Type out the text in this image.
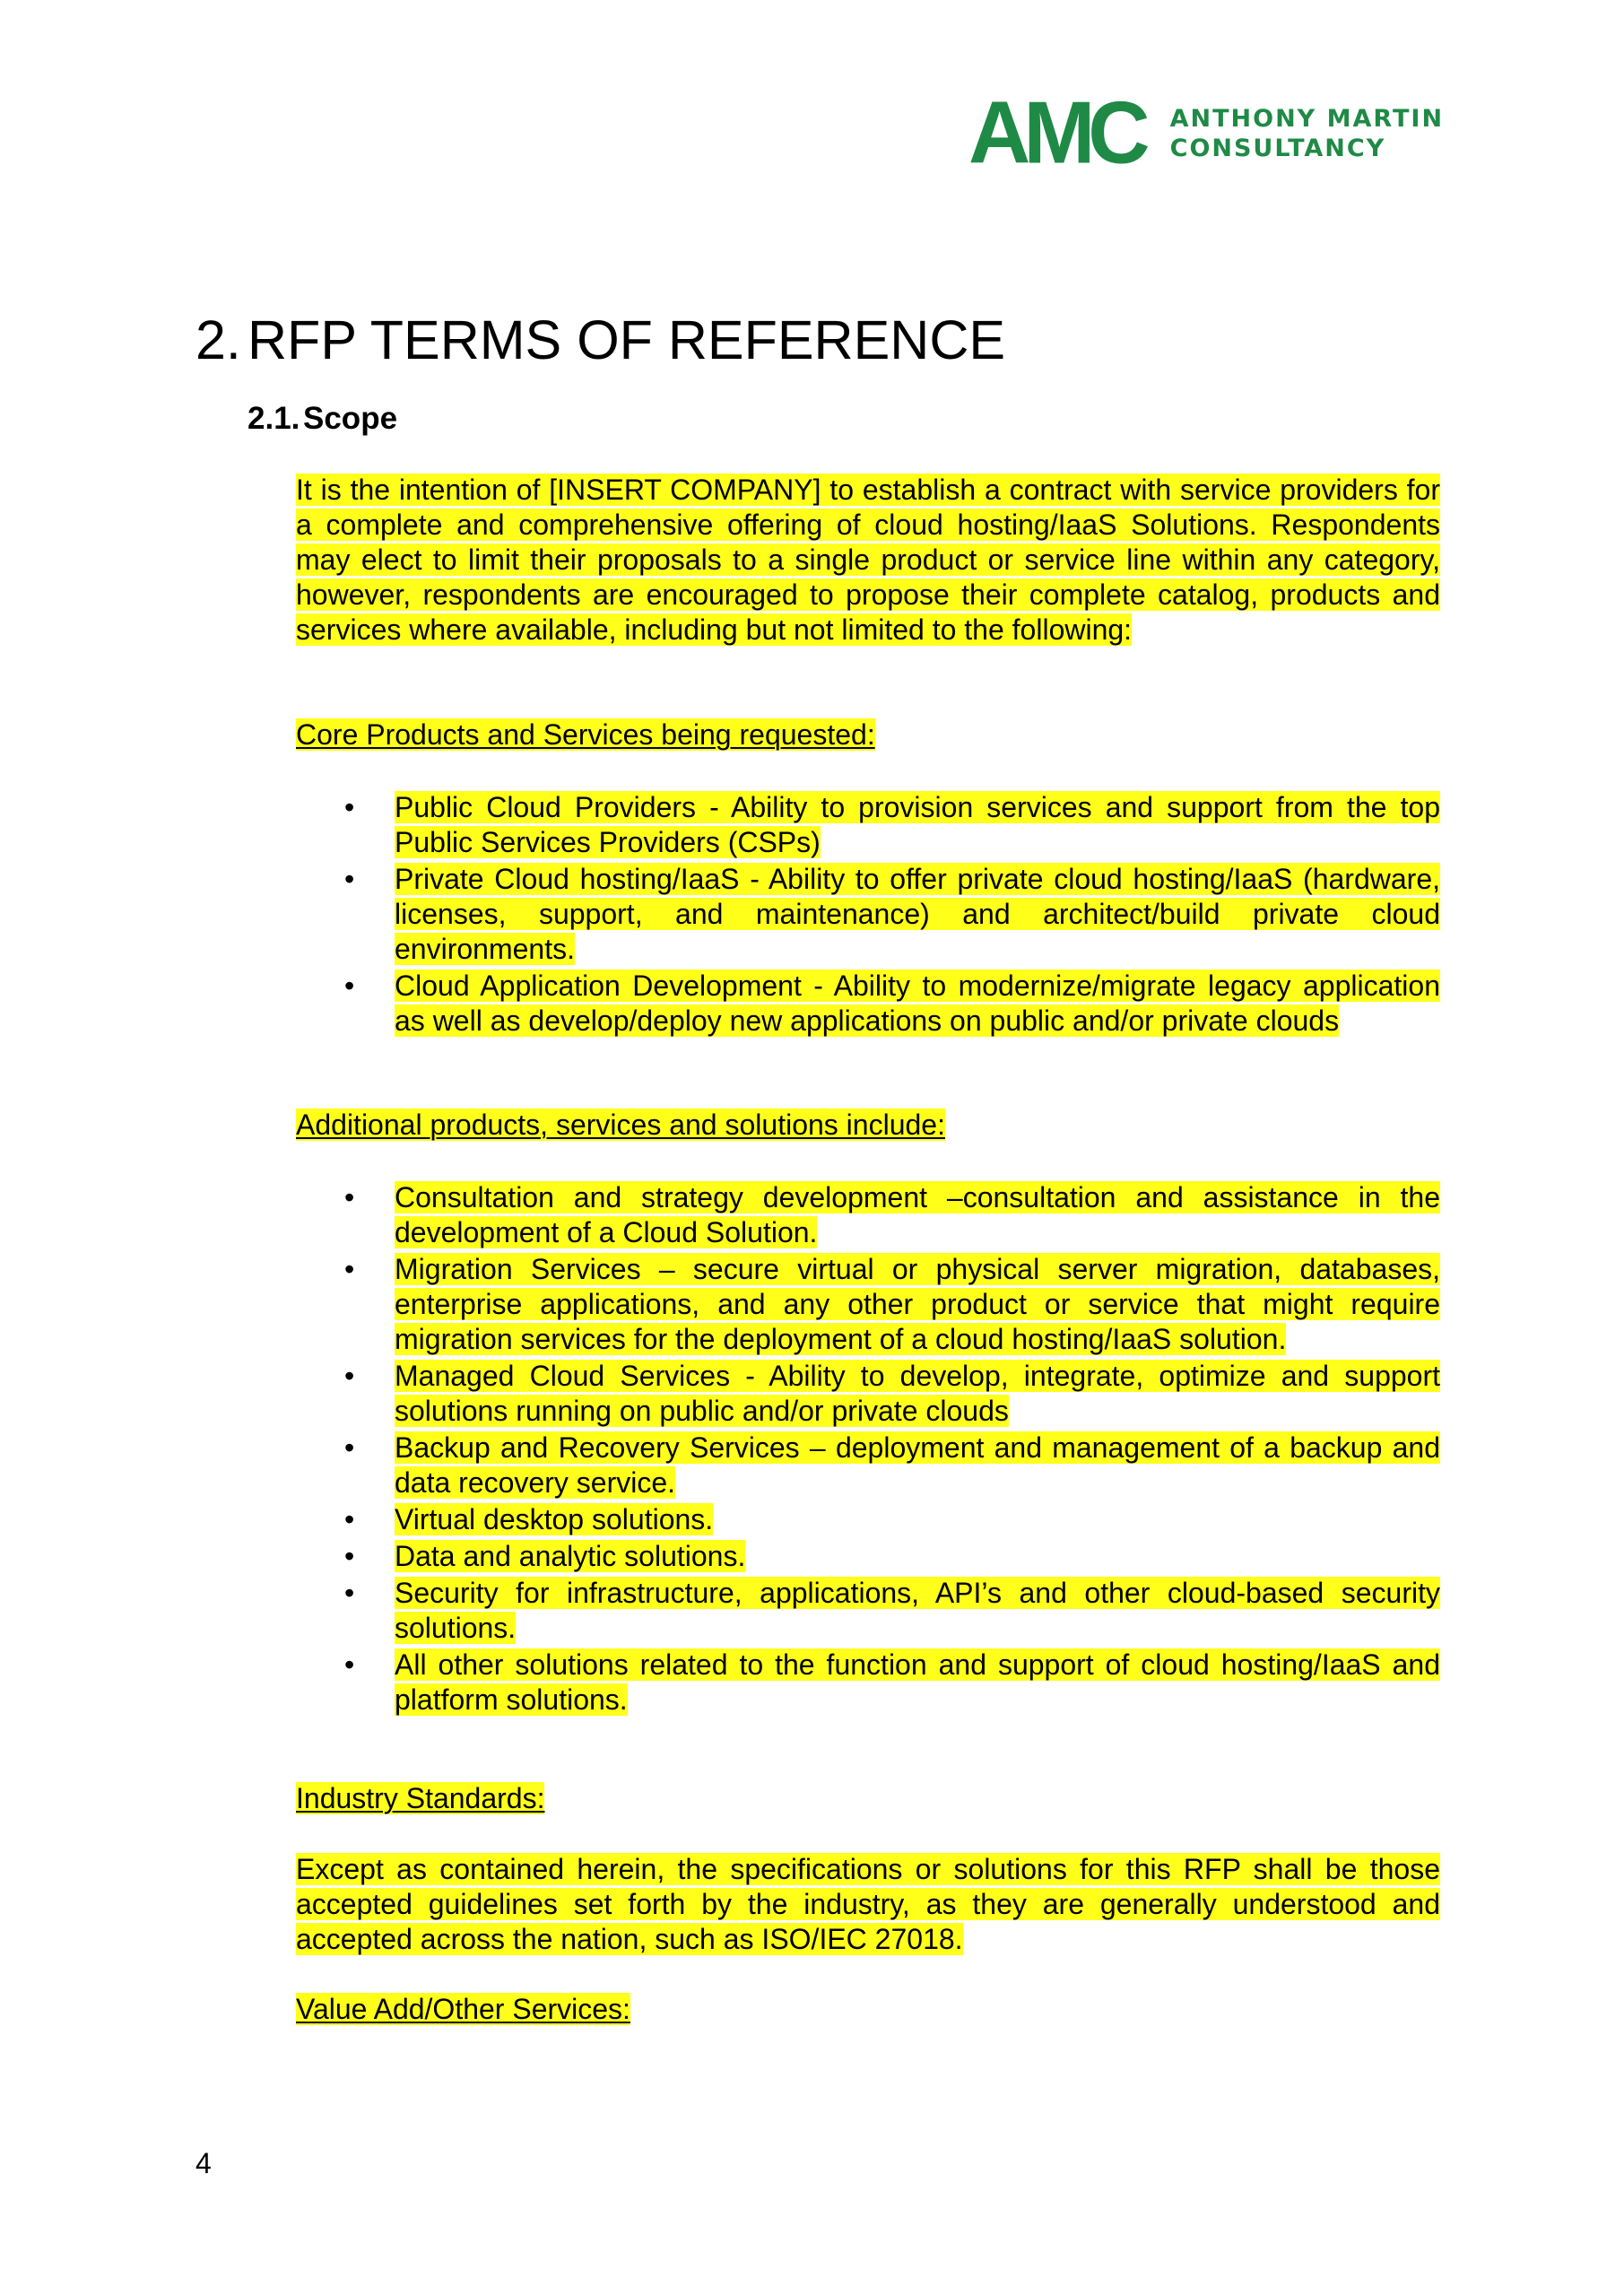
AMC ANTHONY MARTIN
CONSULTANCY
2. RFP TERMS OF REFERENCE
2.1. Scope

It is the intention of [INSERT COMPANY] to establish a contract with service providers for a complete and comprehensive offering of cloud hosting/IaaS Solutions. Respondents may elect to limit their proposals to a single product or service line within any category, however, respondents are encouraged to propose their complete catalog, products and services where available, including but not limited to the following:

Core Products and Services being requested:
• Public Cloud Providers - Ability to provision services and support from the top Public Services Providers (CSPs)
• Private Cloud hosting/IaaS - Ability to offer private cloud hosting/IaaS (hardware, licenses, support, and maintenance) and architect/build private cloud environments.
• Cloud Application Development - Ability to modernize/migrate legacy application as well as develop/deploy new applications on public and/or private clouds
Additional products, services and solutions include:
• Consultation and strategy development –consultation and assistance in the development of a Cloud Solution.
• Migration Services – secure virtual or physical server migration, databases, enterprise applications, and any other product or service that might require migration services for the deployment of a cloud hosting/IaaS solution.
• Managed Cloud Services - Ability to develop, integrate, optimize and support solutions running on public and/or private clouds
• Backup and Recovery Services – deployment and management of a backup and data recovery service.
• Virtual desktop solutions.
• Data and analytic solutions.
• Security for infrastructure, applications, API’s and other cloud-based security solutions.
• All other solutions related to the function and support of cloud hosting/IaaS and platform solutions.
Industry Standards:

Except as contained herein, the specifications or solutions for this RFP shall be those accepted guidelines set forth by the industry, as they are generally understood and accepted across the nation, such as ISO/IEC 27018.

Value Add/Other Services:
4
